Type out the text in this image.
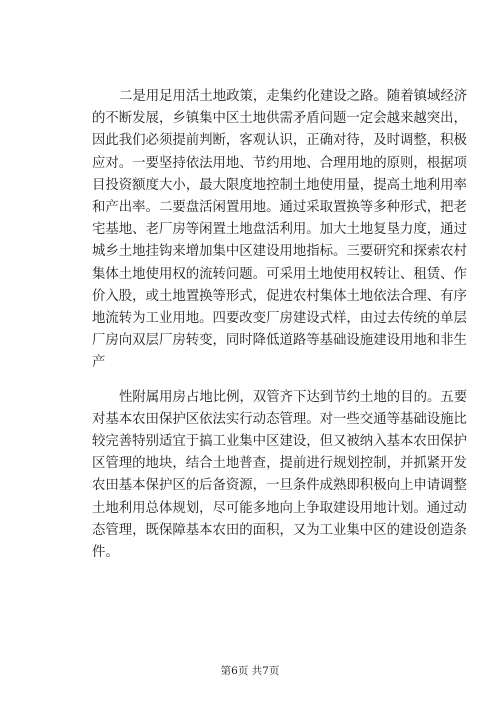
二是用足用活土地政策，走集约化建设之路。随着镇域经济
的不断发展，乡镇集中区土地供需矛盾问题一定会越来越突出，
因此我们必须提前判断，客观认识，正确对待，及时调整，积极
应对。一要坚持依法用地、节约用地、合理用地的原则，根据项
目投资额度大小，最大限度地控制土地使用量，提高土地利用率
和产出率。二要盘活闲置用地。通过采取置换等多种形式，把老
宅基地、老厂房等闲置土地盘活利用。加大土地复垦力度，通过
城乡土地挂钩来增加集中区建设用地指标。三要研究和探索农村
集体土地使用权的流转问题。可采用土地使用权转让、租赁、作
价入股，或土地置换等形式，促进农村集体土地依法合理、有序
地流转为工业用地。四要改变厂房建设式样，由过去传统的单层
厂房向双层厂房转变，同时降低道路等基础设施建设用地和非生
产

性附属用房占地比例，双管齐下达到节约土地的目的。五要
对基本农田保护区依法实行动态管理。对一些交通等基础设施比
较完善特别适宜于搞工业集中区建设，但又被纳入基本农田保护
区管理的地块，结合土地普查，提前进行规划控制，并抓紧开发
农田基本保护区的后备资源，一旦条件成熟即积极向上申请调整
土地利用总体规划，尽可能多地向上争取建设用地计划。通过动
态管理，既保障基本农田的面积，又为工业集中区的建设创造条
件。

第6页 共7页
